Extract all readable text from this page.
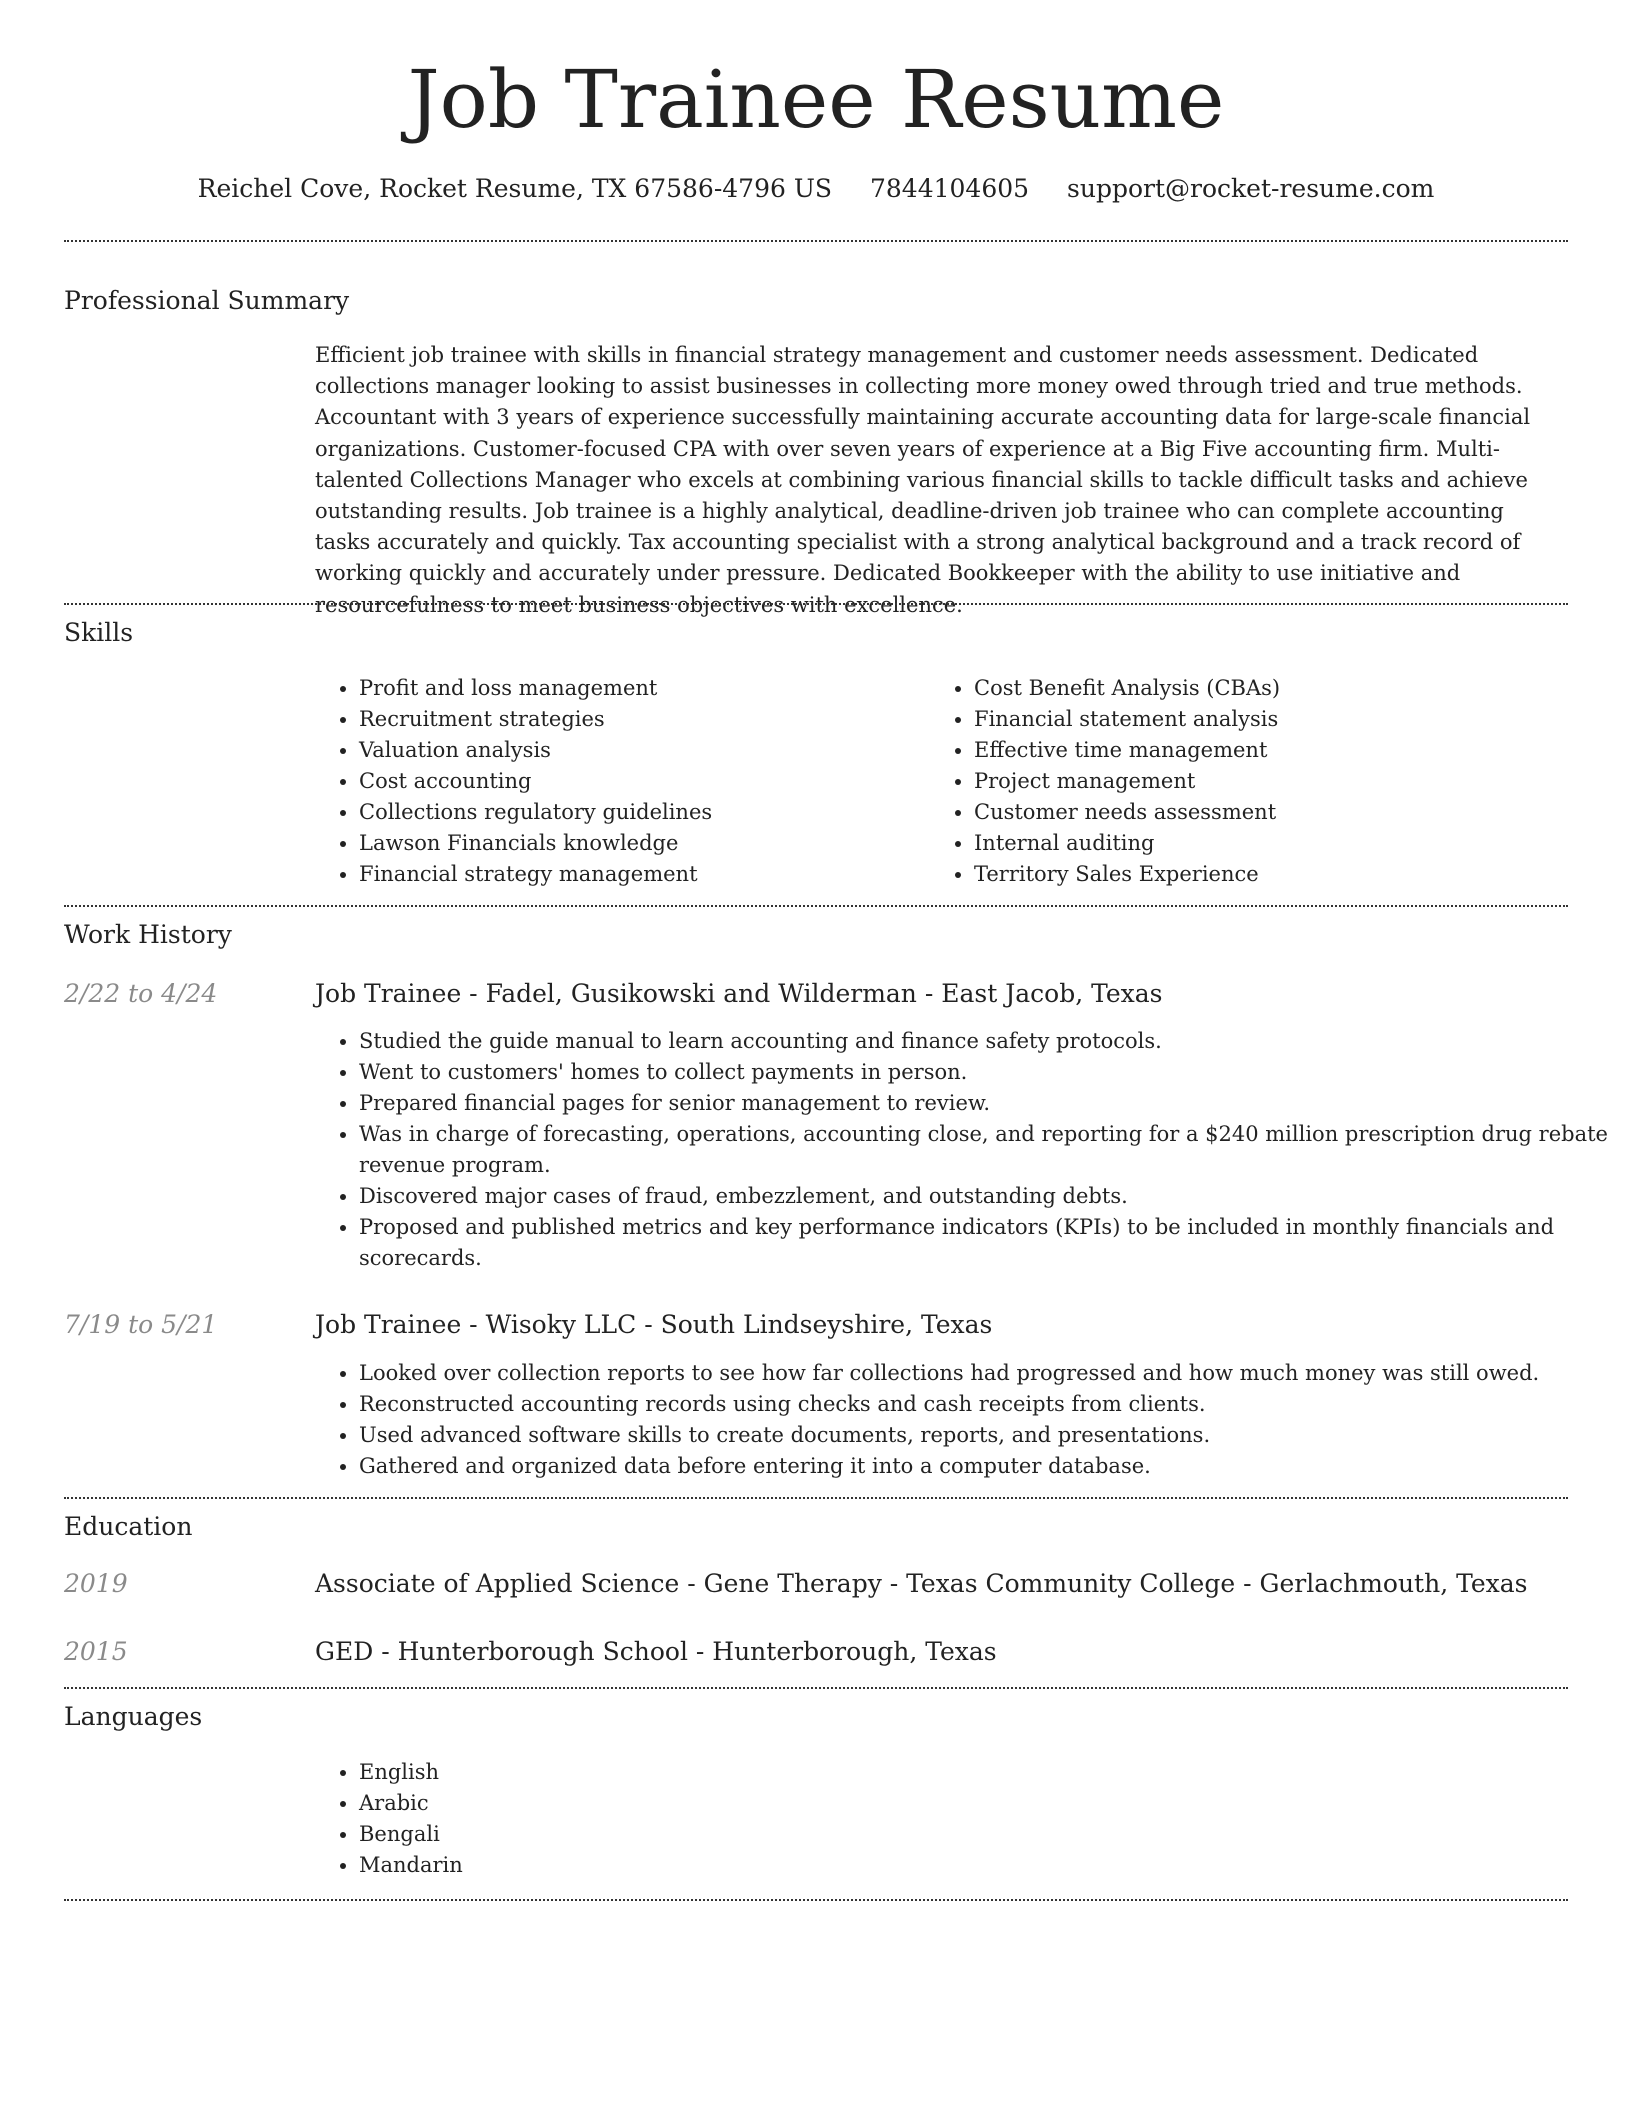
Job Trainee Resume
Reichel Cove, Rocket Resume, TX 67586-4796 US 7844104605 support@rocket-resume.com
Professional Summary

Efficient job trainee with skills in financial strategy management and customer needs assessment. Dedicated collections manager looking to assist businesses in collecting more money owed through tried and true methods. Accountant with 3 years of experience successfully maintaining accurate accounting data for large-scale financial organizations. Customer-focused CPA with over seven years of experience at a Big Five accounting firm. Multi-talented Collections Manager who excels at combining various financial skills to tackle difficult tasks and achieve outstanding results. Job trainee is a highly analytical, deadline-driven job trainee who can complete accounting tasks accurately and quickly. Tax accounting specialist with a strong analytical background and a track record of working quickly and accurately under pressure. Dedicated Bookkeeper with the ability to use initiative and resourcefulness to meet business objectives with excellence.

Skills
• Profit and loss management
• Recruitment strategies
• Valuation analysis
• Cost accounting
• Collections regulatory guidelines
• Lawson Financials knowledge
• Financial strategy management
• Cost Benefit Analysis (CBAs)
• Financial statement analysis
• Effective time management
• Project management
• Customer needs assessment
• Internal auditing
• Territory Sales Experience
Work History
2/22 to 4/24	Job Trainee - Fadel, Gusikowski and Wilderman - East Jacob, Texas
• Studied the guide manual to learn accounting and finance safety protocols.
• Went to customers' homes to collect payments in person.
• Prepared financial pages for senior management to review.
• Was in charge of forecasting, operations, accounting close, and reporting for a $240 million prescription drug rebate revenue program.
• Discovered major cases of fraud, embezzlement, and outstanding debts.
• Proposed and published metrics and key performance indicators (KPIs) to be included in monthly financials and scorecards.
7/19 to 5/21	Job Trainee - Wisoky LLC - South Lindseyshire, Texas
• Looked over collection reports to see how far collections had progressed and how much money was still owed.
• Reconstructed accounting records using checks and cash receipts from clients.
• Used advanced software skills to create documents, reports, and presentations.
• Gathered and organized data before entering it into a computer database.
Education
2019	Associate of Applied Science - Gene Therapy - Texas Community College - Gerlachmouth, Texas
2015	GED - Hunterborough School - Hunterborough, Texas
Languages
• English
• Arabic
• Bengali
• Mandarin
